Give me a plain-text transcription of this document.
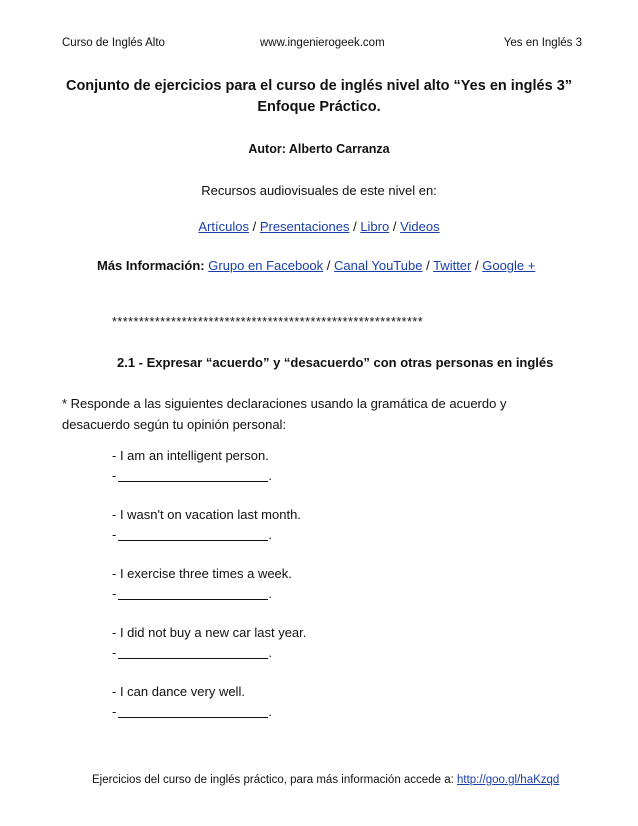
Curso de Inglés Alto	www.ingenierogeek.com	Yes en Inglés 3
Conjunto de ejercicios para el curso de inglés nivel alto “Yes en inglés 3”
Enfoque Práctico.
Autor: Alberto Carranza
Recursos audiovisuales de este nivel en:
Artículos / Presentaciones / Libro / Videos
Más Información: Grupo en Facebook / Canal YouTube / Twitter / Google +
**********************************************************
2.1 - Expresar “acuerdo” y “desacuerdo” con otras personas en inglés
* Responde a las siguientes declaraciones usando la gramática de acuerdo y desacuerdo según tu opinión personal:
- I am an intelligent person.
-	.
- I wasn't on vacation last month.
-	.
- I exercise three times a week.
-	.
- I did not buy a new car last year.
-	.
- I can dance very well.
-	.
Ejercicios del curso de inglés práctico, para más información accede a: http://goo.gl/haKzqd
